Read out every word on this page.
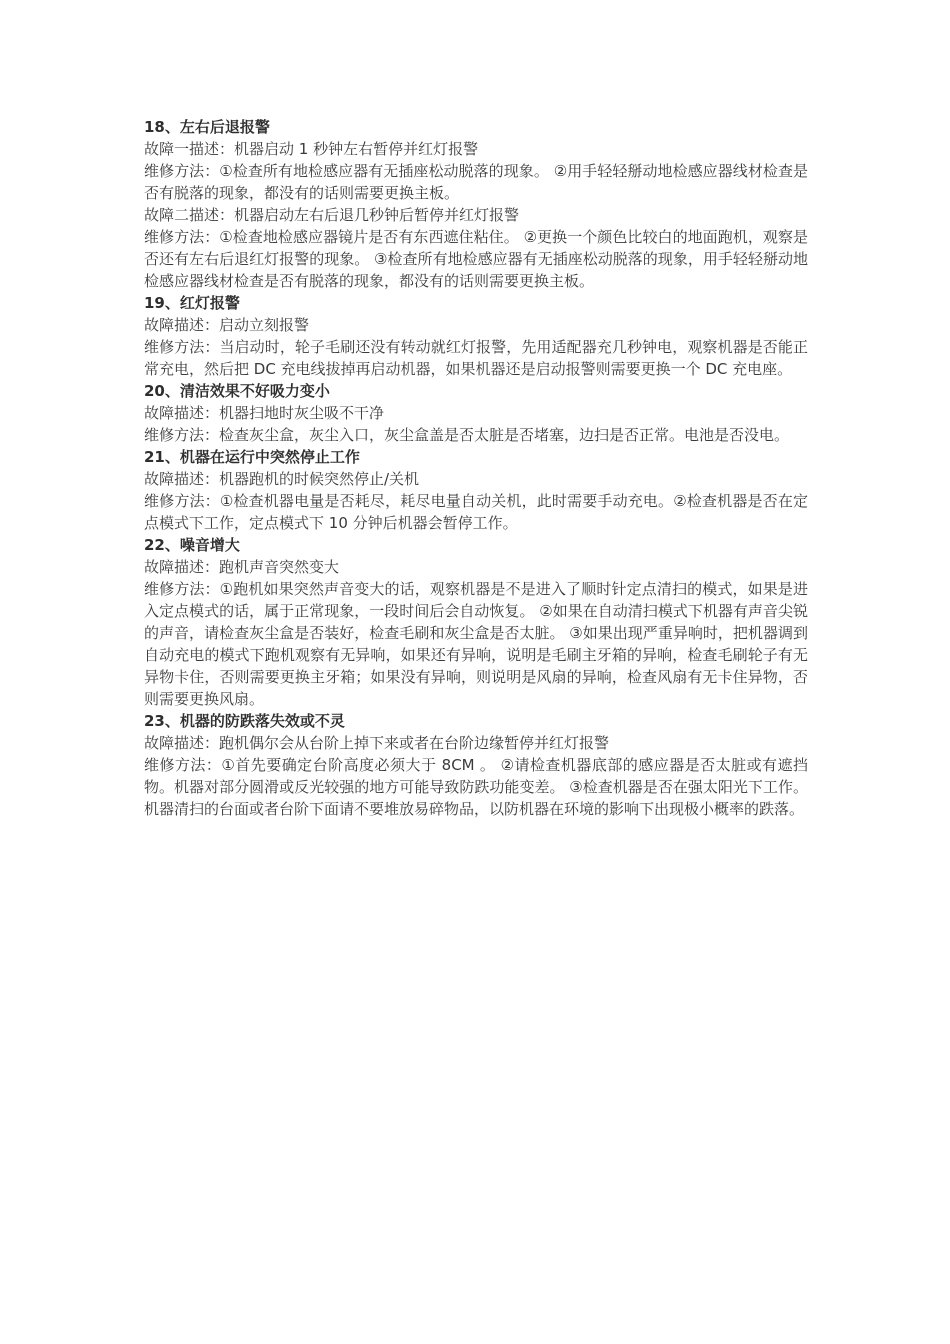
18、左右后退报警

故障一描述：机器启动 1 秒钟左右暂停并红灯报警

维修方法：①检查所有地检感应器有无插座松动脱落的现象。 ②用手轻轻掰动地检感应器线材检查是否有脱落的现象，都没有的话则需要更换主板。

故障二描述：机器启动左右后退几秒钟后暂停并红灯报警

维修方法：①检查地检感应器镜片是否有东西遮住粘住。 ②更换一个颜色比较白的地面跑机，观察是否还有左右后退红灯报警的现象。 ③检查所有地检感应器有无插座松动脱落的现象，用手轻轻掰动地检感应器线材检查是否有脱落的现象，都没有的话则需要更换主板。

19、红灯报警

故障描述：启动立刻报警

维修方法：当启动时，轮子毛刷还没有转动就红灯报警，先用适配器充几秒钟电，观察机器是否能正常充电，然后把 DC 充电线拔掉再启动机器，如果机器还是启动报警则需要更换一个 DC 充电座。

20、清洁效果不好吸力变小

故障描述：机器扫地时灰尘吸不干净

维修方法：检查灰尘盒，灰尘入口，灰尘盒盖是否太脏是否堵塞，边扫是否正常。电池是否没电。

21、机器在运行中突然停止工作

故障描述：机器跑机的时候突然停止/关机

维修方法：①检查机器电量是否耗尽，耗尽电量自动关机，此时需要手动充电。②检查机器是否在定点模式下工作，定点模式下 10 分钟后机器会暂停工作。

22、噪音增大

故障描述：跑机声音突然变大

维修方法：①跑机如果突然声音变大的话，观察机器是不是进入了顺时针定点清扫的模式，如果是进入定点模式的话，属于正常现象，一段时间后会自动恢复。 ②如果在自动清扫模式下机器有声音尖锐的声音，请检查灰尘盒是否装好，检查毛刷和灰尘盒是否太脏。 ③如果出现严重异响时，把机器调到自动充电的模式下跑机观察有无异响，如果还有异响，说明是毛刷主牙箱的异响，检查毛刷轮子有无异物卡住，否则需要更换主牙箱；如果没有异响，则说明是风扇的异响，检查风扇有无卡住异物，否则需要更换风扇。

23、机器的防跌落失效或不灵

故障描述：跑机偶尔会从台阶上掉下来或者在台阶边缘暂停并红灯报警

维修方法：①首先要确定台阶高度必须大于 8CM 。 ②请检查机器底部的感应器是否太脏或有遮挡物。机器对部分圆滑或反光较强的地方可能导致防跌功能变差。 ③检查机器是否在强太阳光下工作。机器清扫的台面或者台阶下面请不要堆放易碎物品，以防机器在环境的影响下出现极小概率的跌落。
